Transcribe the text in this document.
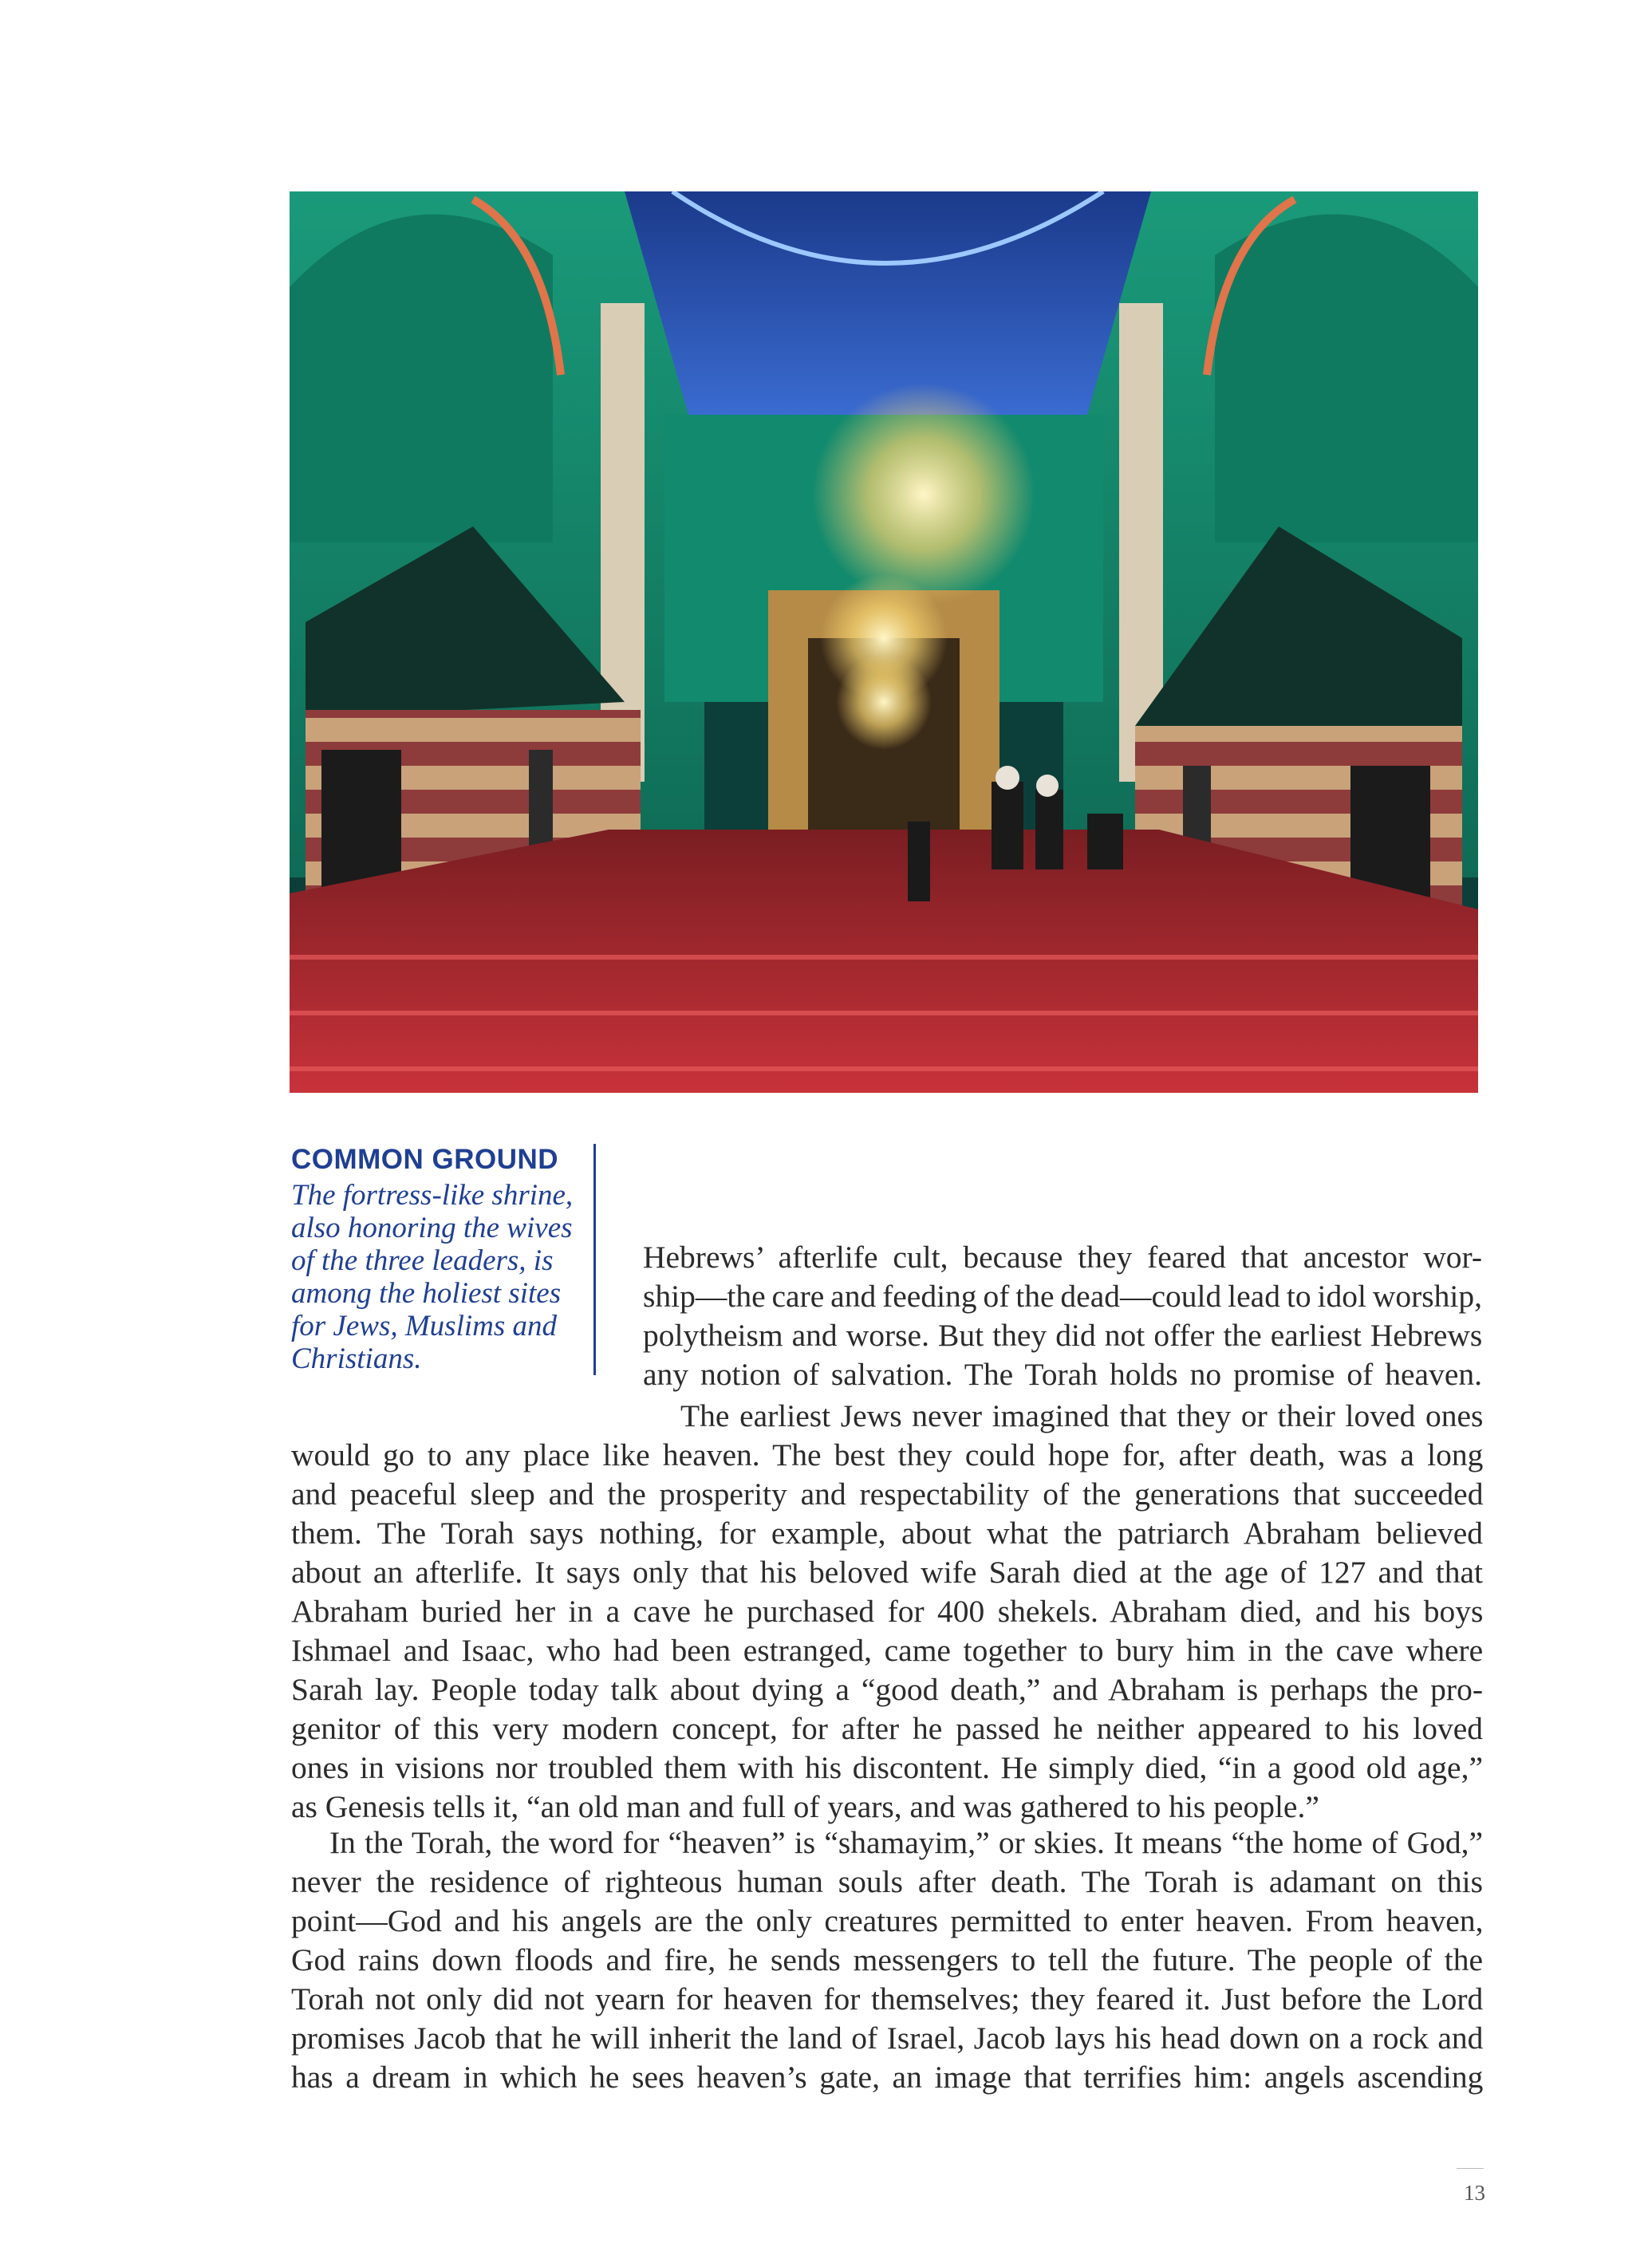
COMMON GROUND
The fortress-like shrine,
also honoring the wives
of the three leaders, is
among the holiest sites
for Jews, Muslims and
Christians.
Hebrews’ afterlife cult, because they feared that ancestor wor-
ship—the care and feeding of the dead—could lead to idol worship,
polytheism and worse. But they did not offer the earliest Hebrews
any notion of salvation. The Torah holds no promise of heaven.
The earliest Jews never imagined that they or their loved ones
would go to any place like heaven. The best they could hope for, after death, was a long
and peaceful sleep and the prosperity and respectability of the generations that succeeded
them. The Torah says nothing, for example, about what the patriarch Abraham believed
about an afterlife. It says only that his beloved wife Sarah died at the age of 127 and that
Abraham buried her in a cave he purchased for 400 shekels. Abraham died, and his boys
Ishmael and Isaac, who had been estranged, came together to bury him in the cave where
Sarah lay. People today talk about dying a “good death,” and Abraham is perhaps the pro-
genitor of this very modern concept, for after he passed he neither appeared to his loved
ones in visions nor troubled them with his discontent. He simply died, “in a good old age,”
as Genesis tells it, “an old man and full of years, and was gathered to his people.”
In the Torah, the word for “heaven” is “shamayim,” or skies. It means “the home of God,”
never the residence of righteous human souls after death. The Torah is adamant on this
point—God and his angels are the only creatures permitted to enter heaven. From heaven,
God rains down floods and fire, he sends messengers to tell the future. The people of the
Torah not only did not yearn for heaven for themselves; they feared it. Just before the Lord
promises Jacob that he will inherit the land of Israel, Jacob lays his head down on a rock and
has a dream in which he sees heaven’s gate, an image that terrifies him: angels ascending
13
